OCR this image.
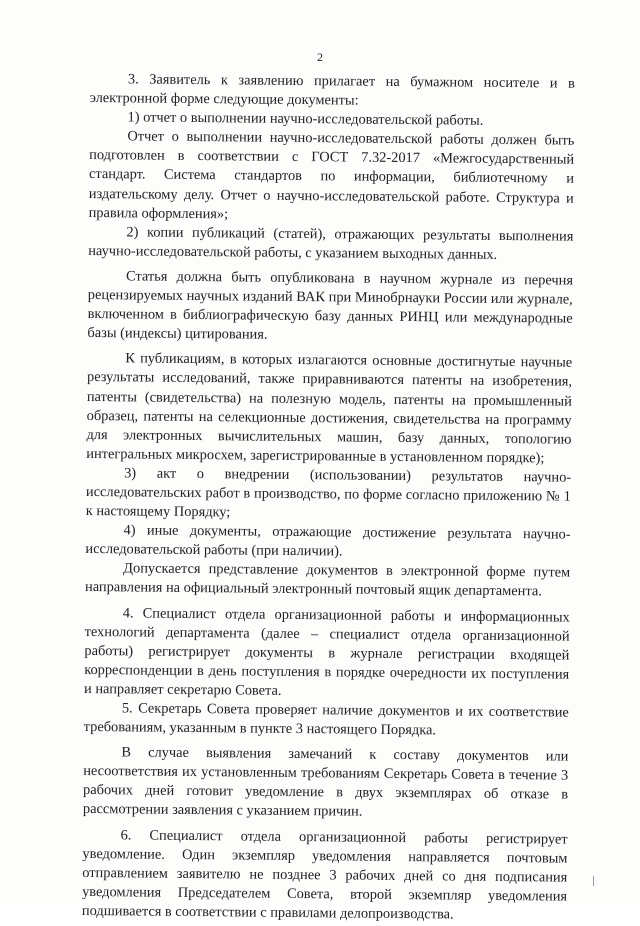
2

3. Заявитель к заявлению прилагает на бумажном носителе и в электронной форме следующие документы:

1) отчет о выполнении научно-исследовательской работы.

Отчет о выполнении научно-исследовательской работы должен быть подготовлен в соответствии с ГОСТ 7.32-2017 «Межгосударственный стандарт. Система стандартов по информации, библиотечному и издательскому делу. Отчет о научно-исследовательской работе. Структура и правила оформления»;

2) копии публикаций (статей), отражающих результаты выполнения научно-исследовательской работы, с указанием выходных данных.

Статья должна быть опубликована в научном журнале из перечня рецензируемых научных изданий ВАК при Минобрнауки России или журнале, включенном в библиографическую базу данных РИНЦ или международные базы (индексы) цитирования.

К публикациям, в которых излагаются основные достигнутые научные результаты исследований, также приравниваются патенты на изобретения, патенты (свидетельства) на полезную модель, патенты на промышленный образец, патенты на селекционные достижения, свидетельства на программу для электронных вычислительных машин, базу данных, топологию интегральных микросхем, зарегистрированные в установленном порядке);

3) акт о внедрении (использовании) результатов научно-исследовательских работ в производство, по форме согласно приложению № 1 к настоящему Порядку;

4) иные документы, отражающие достижение результата научно-исследовательской работы (при наличии).

Допускается представление документов в электронной форме путем направления на официальный электронный почтовый ящик департамента.

4. Специалист отдела организационной работы и информационных технологий департамента (далее – специалист отдела организационной работы) регистрирует документы в журнале регистрации входящей корреспонденции в день поступления в порядке очередности их поступления и направляет секретарю Совета.

5. Секретарь Совета проверяет наличие документов и их соответствие требованиям, указанным в пункте 3 настоящего Порядка.

В случае выявления замечаний к составу документов или несоответствия их установленным требованиям Секретарь Совета в течение 3 рабочих дней готовит уведомление в двух экземплярах об отказе в рассмотрении заявления с указанием причин.

6. Специалист отдела организационной работы регистрирует уведомление. Один экземпляр уведомления направляется почтовым отправлением заявителю не позднее 3 рабочих дней со дня подписания уведомления Председателем Совета, второй экземпляр уведомления подшивается в соответствии с правилами делопроизводства.
